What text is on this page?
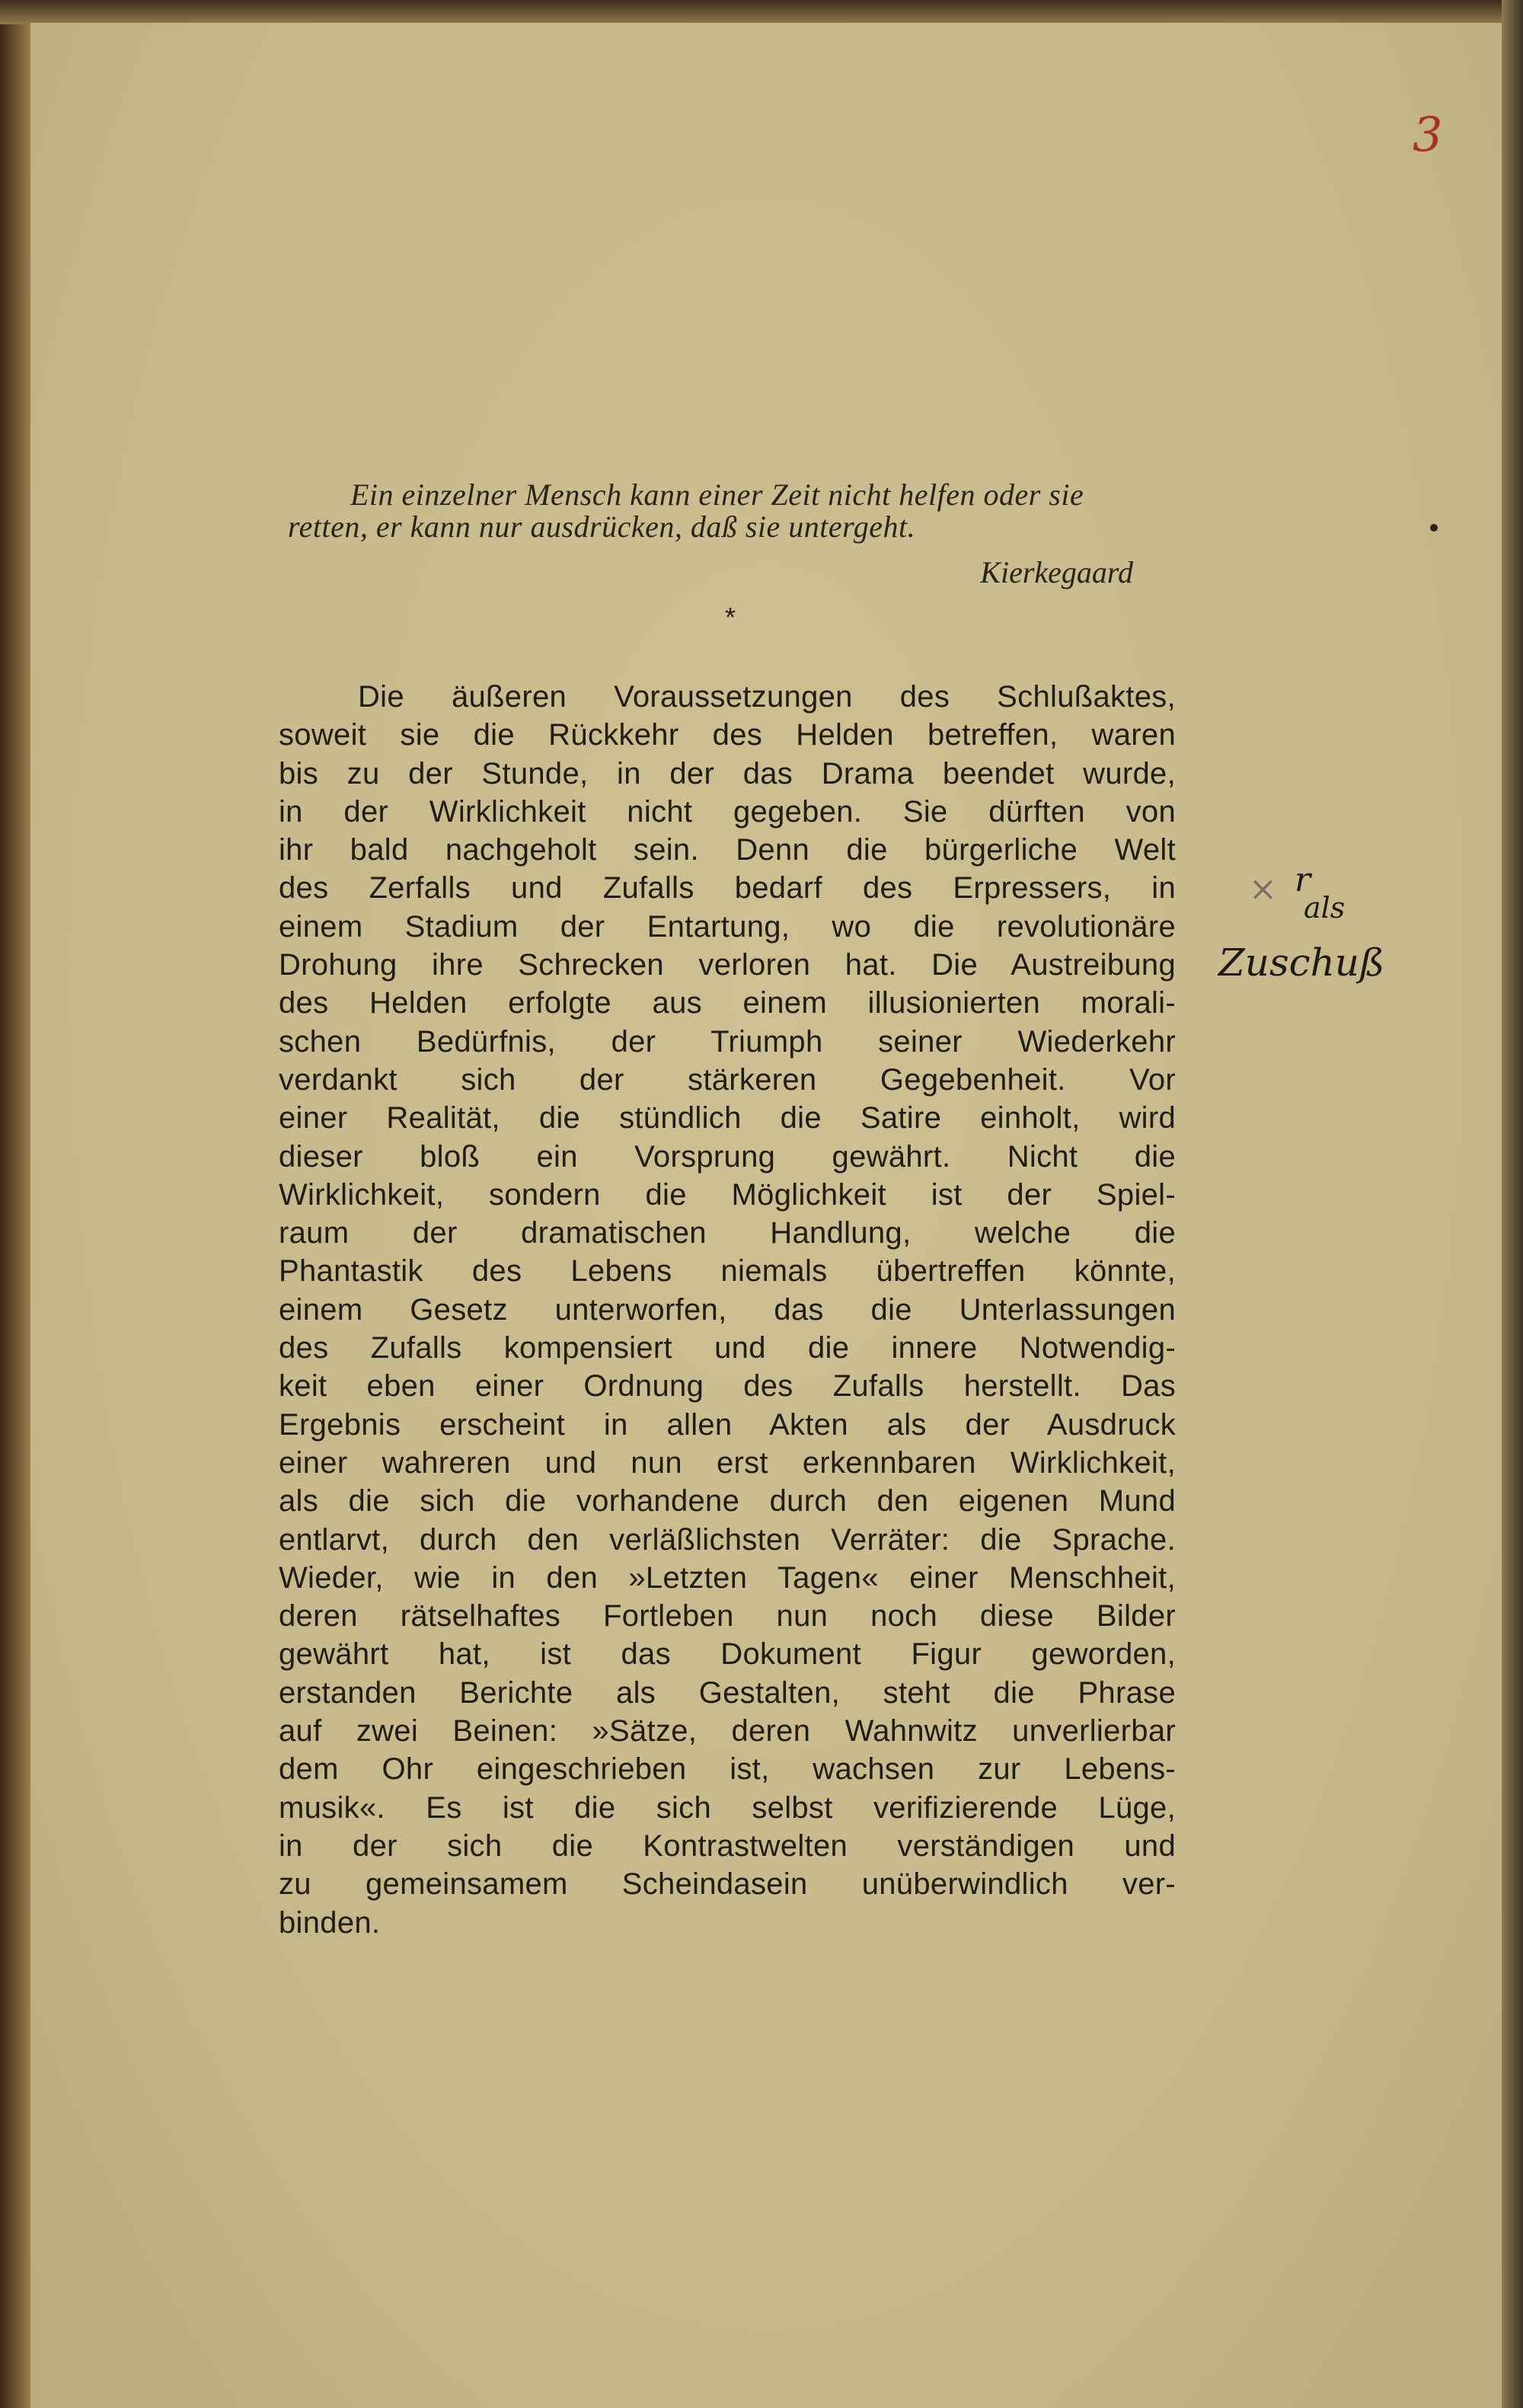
3
Ein einzelner Mensch kann einer Zeit nicht helfen oder sie
retten, er kann nur ausdrücken, daß sie untergeht.
Kierkegaard
*
Die äußeren Voraussetzungen des Schlußaktes,
soweit sie die Rückkehr des Helden betreffen, waren
bis zu der Stunde, in der das Drama beendet wurde,
in der Wirklichkeit nicht gegeben. Sie dürften von
ihr bald nachgeholt sein. Denn die bürgerliche Welt
des Zerfalls und Zufalls bedarf des Erpressers, in
einem Stadium der Entartung, wo die revolutionäre
Drohung ihre Schrecken verloren hat. Die Austreibung
des Helden erfolgte aus einem illusionierten morali-
schen Bedürfnis, der Triumph seiner Wiederkehr
verdankt sich der stärkeren Gegebenheit. Vor
einer Realität, die stündlich die Satire einholt, wird
dieser bloß ein Vorsprung gewährt. Nicht die
Wirklichkeit, sondern die Möglichkeit ist der Spiel-
raum der dramatischen Handlung, welche die
Phantastik des Lebens niemals übertreffen könnte,
einem Gesetz unterworfen, das die Unterlassungen
des Zufalls kompensiert und die innere Notwendig-
keit eben einer Ordnung des Zufalls herstellt. Das
Ergebnis erscheint in allen Akten als der Ausdruck
einer wahreren und nun erst erkennbaren Wirklichkeit,
als die sich die vorhandene durch den eigenen Mund
entlarvt, durch den verläßlichsten Verräter: die Sprache.
Wieder, wie in den »Letzten Tagen« einer Menschheit,
deren rätselhaftes Fortleben nun noch diese Bilder
gewährt hat, ist das Dokument Figur geworden,
erstanden Berichte als Gestalten, steht die Phrase
auf zwei Beinen: »Sätze, deren Wahnwitz unverlierbar
dem Ohr eingeschrieben ist, wachsen zur Lebens-
musik«. Es ist die sich selbst verifizierende Lüge,
in der sich die Kontrastwelten verständigen und
zu gemeinsamem Scheindasein unüberwindlich ver-
binden.
× r
als
Zuschuß
